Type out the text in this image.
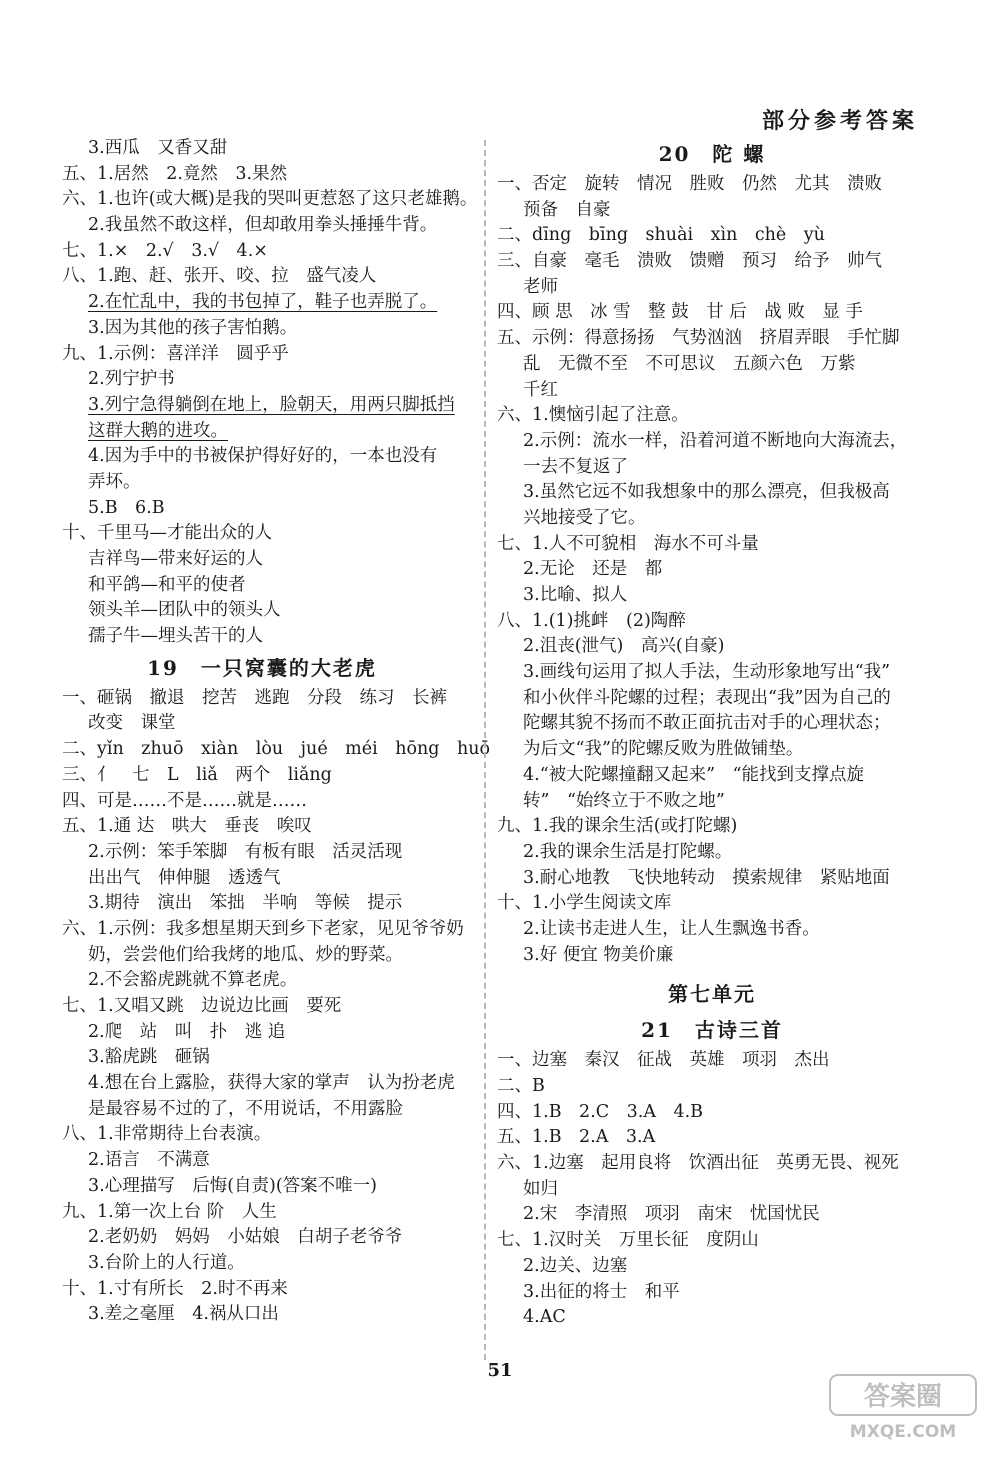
部分参考答案
3.西瓜　又香又甜
五、1.居然　2.竟然　3.果然
六、1.也许(或大概)是我的哭叫更惹怒了这只老雄鹅。
2.我虽然不敢这样，但却敢用拳头捶捶牛背。
七、1.×　2.√　3.√　4.×
八、1.跑、赶、张开、咬、拉　盛气凌人
2.在忙乱中，我的书包掉了，鞋子也弄脱了。
3.因为其他的孩子害怕鹅。
九、1.示例：喜洋洋　圆乎乎
2.列宁护书
3.列宁急得躺倒在地上，脸朝天，用两只脚抵挡
这群大鹅的进攻。
4.因为手中的书被保护得好好的，一本也没有
弄坏。
5.B　6.B
十、千里马—才能出众的人
吉祥鸟—带来好运的人
和平鸽—和平的使者
领头羊—团队中的领头人
孺子牛—埋头苦干的人
19　一只窝囊的大老虎
一、砸锅　撤退　挖苦　逃跑　分段　练习　长裤
改变　课堂
二、yǐn　zhuō　xiàn　lòu　jué　méi　hōng　huō
三、亻　七　L　liǎ　两个　liǎng
四、可是……不是……就是……
五、1.通 达　哄大　垂丧　唉叹
2.示例：笨手笨脚　有板有眼　活灵活现
出出气　伸伸腿　透透气
3.期待　演出　笨拙　半响　等候　提示
六、1.示例：我多想星期天到乡下老家，见见爷爷奶
奶，尝尝他们给我烤的地瓜、炒的野菜。
2.不会豁虎跳就不算老虎。
七、1.又唱又跳　边说边比画　要死
2.爬　站　叫　扑　逃 追
3.豁虎跳　砸锅
4.想在台上露脸，获得大家的掌声　认为扮老虎
是最容易不过的了，不用说话，不用露脸
八、1.非常期待上台表演。
2.语言　不满意
3.心理描写　后悔(自责)(答案不唯一)
九、1.第一次上台 阶　人生
2.老奶奶　妈妈　小姑娘　白胡子老爷爷
3.台阶上的人行道。
十、1.寸有所长　2.时不再来
3.差之毫厘　4.祸从口出
20　陀 螺
一、否定　旋转　情况　胜败　仍然　尤其　溃败
预备　自豪
二、dīng　bīng　shuài　xìn　chè　yù
三、自豪　毫毛　溃败　馈赠　预习　给予　帅气
老师
四、顾 思　冰 雪　整 鼓　甘 后　战 败　显 手
五、示例：得意扬扬　气势汹汹　挤眉弄眼　手忙脚
乱　无微不至　不可思议　五颜六色　万紫
千红
六、1.懊恼引起了注意。
2.示例：流水一样，沿着河道不断地向大海流去，
一去不复返了
3.虽然它远不如我想象中的那么漂亮，但我极高
兴地接受了它。
七、1.人不可貌相　海水不可斗量
2.无论　还是　都
3.比喻、拟人
八、1.(1)挑衅　(2)陶醉
2.沮丧(泄气)　高兴(自豪)
3.画线句运用了拟人手法，生动形象地写出“我”
和小伙伴斗陀螺的过程；表现出“我”因为自己的
陀螺其貌不扬而不敢正面抗击对手的心理状态；
为后文“我”的陀螺反败为胜做铺垫。
4.“被大陀螺撞翻又起来”　“能找到支撑点旋
转”　“始终立于不败之地”
九、1.我的课余生活(或打陀螺)
2.我的课余生活是打陀螺。
3.耐心地教　飞快地转动　摸索规律　紧贴地面
十、1.小学生阅读文库
2.让读书走进人生，让人生飘逸书香。
3.好 便宜 物美价廉
第七单元
21　古诗三首
一、边塞　秦汉　征战　英雄　项羽　杰出
二、B
四、1.B　2.C　3.A　4.B
五、1.B　2.A　3.A
六、1.边塞　起用良将　饮酒出征　英勇无畏、视死
如归
2.宋　李清照　项羽　南宋　忧国忧民
七、1.汉时关　万里长征　度阴山
2.边关、边塞
3.出征的将士　和平
4.AC
51
答案圈
MXQE.COM
